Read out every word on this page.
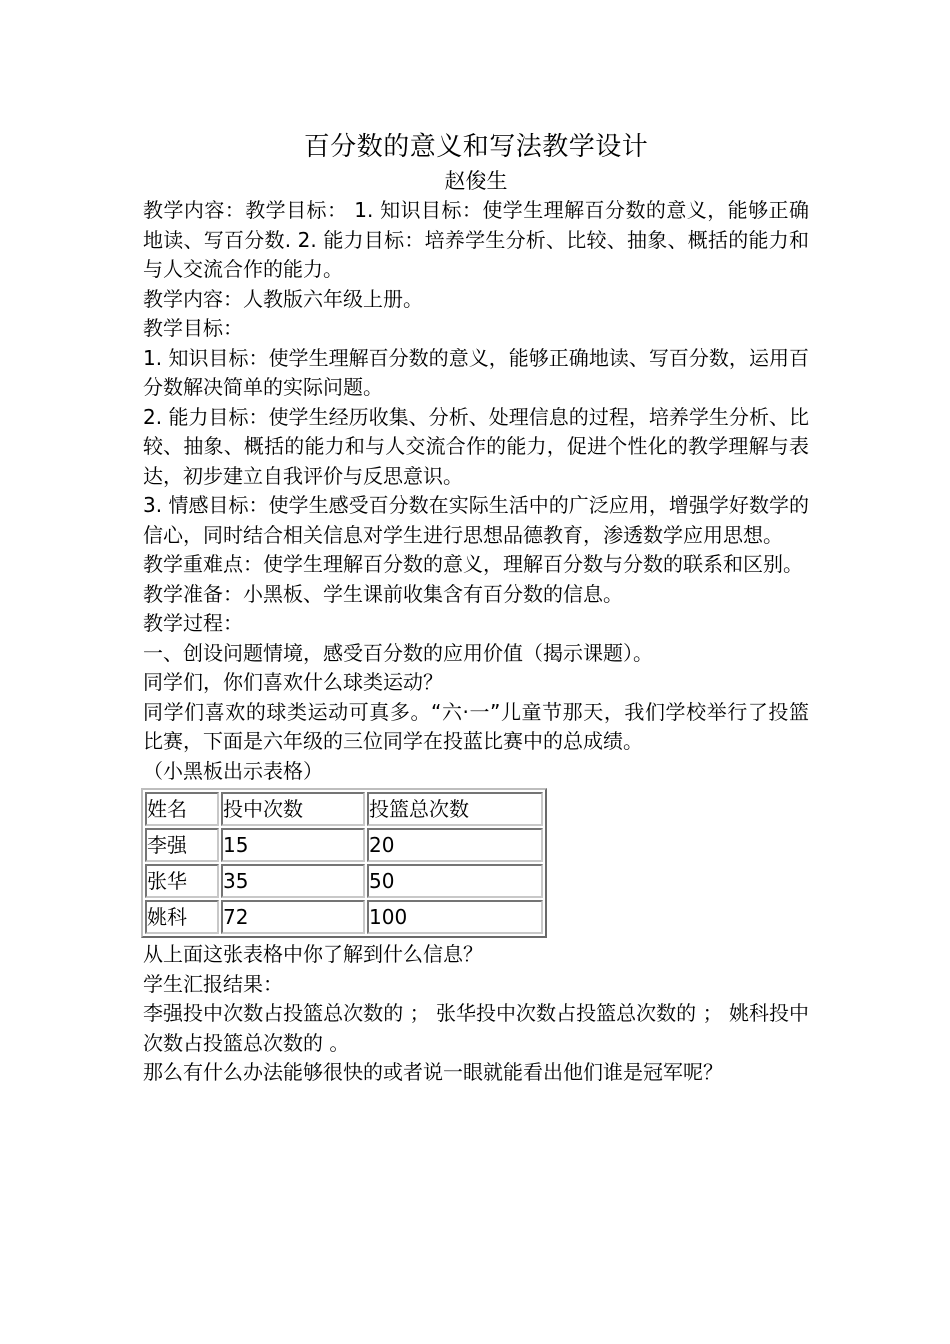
百分数的意义和写法教学设计
赵俊生

教学内容：教学目标： 1. 知识目标：使学生理解百分数的意义，能够正确地读、写百分数. 2. 能力目标：培养学生分析、比较、抽象、概括的能力和与人交流合作的能力。

教学内容：人教版六年级上册。

教学目标：

1. 知识目标：使学生理解百分数的意义，能够正确地读、写百分数，运用百分数解决简单的实际问题。

2. 能力目标：使学生经历收集、分析、处理信息的过程，培养学生分析、比较、抽象、概括的能力和与人交流合作的能力，促进个性化的教学理解与表达，初步建立自我评价与反思意识。

3. 情感目标：使学生感受百分数在实际生活中的广泛应用，增强学好数学的信心，同时结合相关信息对学生进行思想品德教育，渗透数学应用思想。

教学重难点：使学生理解百分数的意义，理解百分数与分数的联系和区别。

教学准备：小黑板、学生课前收集含有百分数的信息。

教学过程：

一、创设问题情境，感受百分数的应用价值（揭示课题）。

同学们，你们喜欢什么球类运动？

同学们喜欢的球类运动可真多。“六·一”儿童节那天，我们学校举行了投篮比赛，下面是六年级的三位同学在投蓝比赛中的总成绩。

（小黑板出示表格）

姓名	投中次数	投篮总次数
李强	15	20
张华	35	50
姚科	72	100

从上面这张表格中你了解到什么信息？

学生汇报结果：

李强投中次数占投篮总次数的 ； 张华投中次数占投篮总次数的 ； 姚科投中次数占投篮总次数的 。

那么有什么办法能够很快的或者说一眼就能看出他们谁是冠军呢？
